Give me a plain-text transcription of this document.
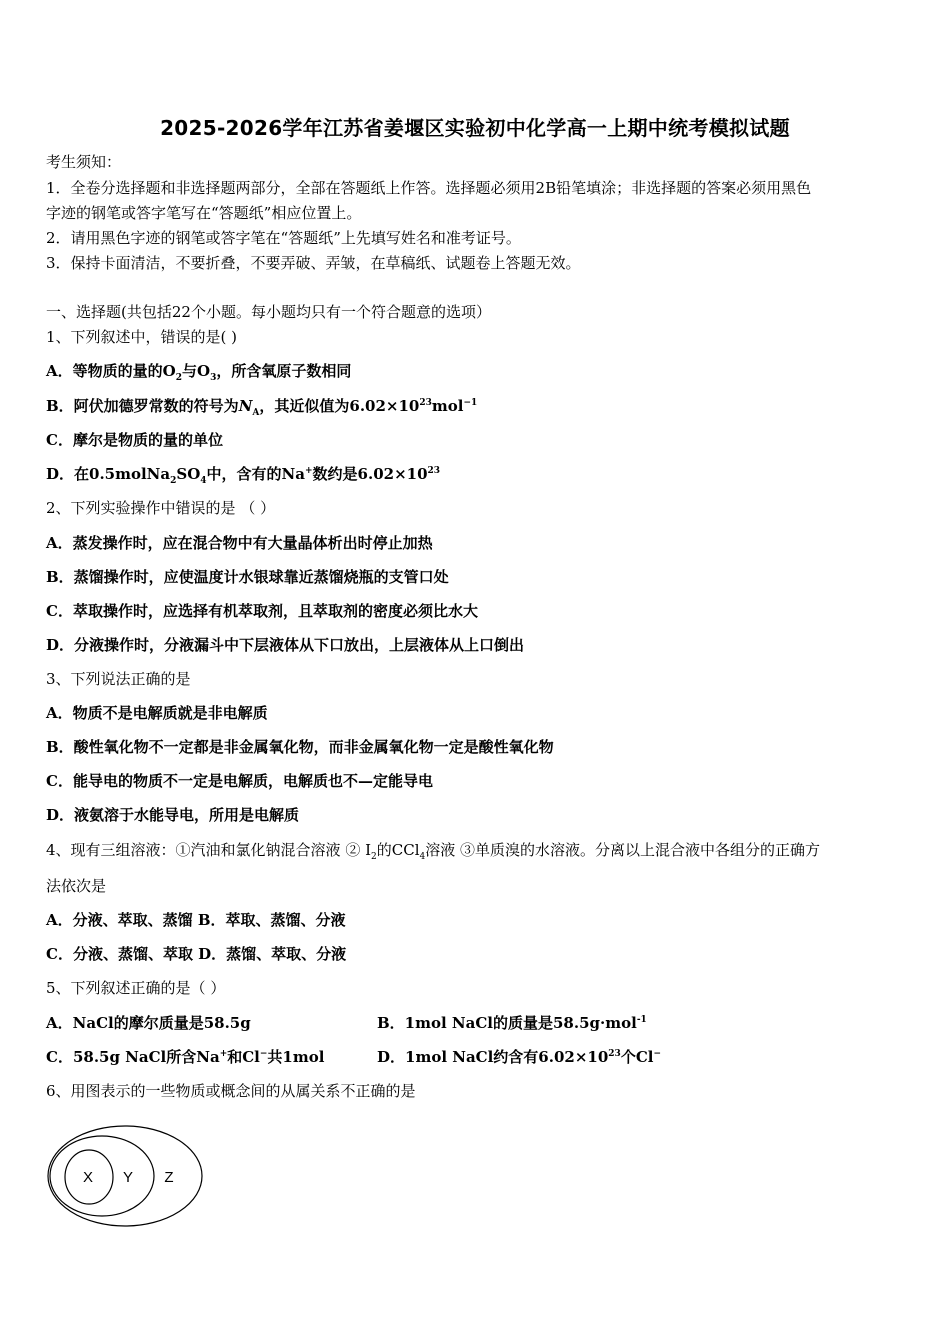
2025-2026学年江苏省姜堰区实验初中化学高一上期中统考模拟试题
考生须知：
1．全卷分选择题和非选择题两部分，全部在答题纸上作答。选择题必须用2B铅笔填涂；非选择题的答案必须用黑色
字迹的钢笔或答字笔写在“答题纸”相应位置上。
2．请用黑色字迹的钢笔或答字笔在“答题纸”上先填写姓名和准考证号。
3．保持卡面清洁，不要折叠，不要弄破、弄皱，在草稿纸、试题卷上答题无效。
一、选择题(共包括22个小题。每小题均只有一个符合题意的选项）
1、下列叙述中，错误的是( )
A．等物质的量的$O_2$与$O_3$，所含氧原子数相同
B．阿伏加德罗常数的符号为$N_A$，其近似值为$6.02\times 10^{23}mol^{-1}$
C．摩尔是物质的量的单位
D．在$0.5molNa_2SO_4$中，含有的Na+数约是$6.02\times 10^{23}$
2、下列实验操作中错误的是 （ ）
A．蒸发操作时，应在混合物中有大量晶体析出时停止加热
B．蒸馏操作时，应使温度计水银球靠近蒸馏烧瓶的支管口处
C．萃取操作时，应选择有机萃取剂，且萃取剂的密度必须比水大
D．分液操作时，分液漏斗中下层液体从下口放出，上层液体从上口倒出
3、下列说法正确的是
A．物质不是电解质就是非电解质
B．酸性氧化物不一定都是非金属氧化物，而非金属氧化物一定是酸性氧化物
C．能导电的物质不一定是电解质，电解质也不—定能导电
D．液氨溶于水能导电，所用是电解质
4、现有三组溶液：①汽油和氯化钠混合溶液 ② $I_2$的CCl$_4$溶液 ③单质溴的水溶液。分离以上混合液中各组分的正确方
法依次是
A．分液、萃取、蒸馏 B．萃取、蒸馏、分液
C．分液、蒸馏、萃取 D．蒸馏、萃取、分液
5、下列叙述正确的是（ ）
A．NaCl的摩尔质量是58.5g	B．1mol NaCl的质量是58.5g·mol$^{-1}$
C．58.5g NaCl所含Na+和Cl−共1mol	D．1mol NaCl约含有$6.02\times 10^{23}$个Cl−
6、用图表示的一些物质或概念间的从属关系不正确的是
X Y Z
